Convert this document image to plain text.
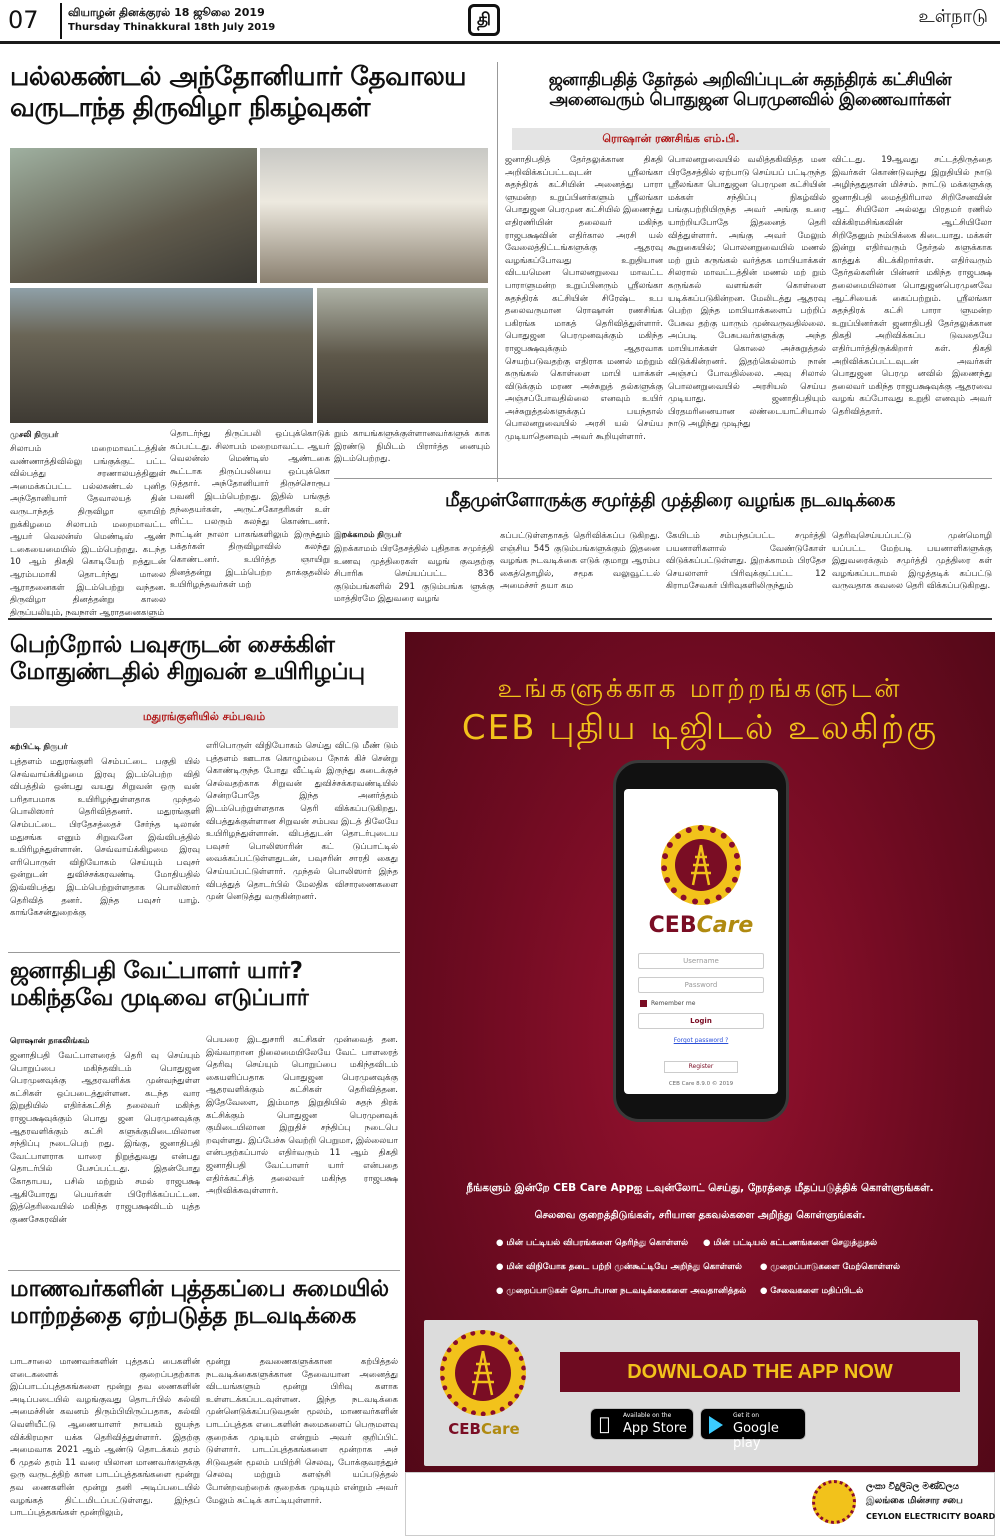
07	வியாழன் தினக்குரல் 18 ஜூலை 2019
Thursday Thinakkural 18th July 2019	தி	உள்நாடு
பல்லகண்டல் அந்தோனியார் தேவாலய
வருடாந்த திருவிழா நிகழ்வுகள்
முசலி நிருபர்
சிலாபம் மறைமாவட்டத்தின் வண்ணாத்திவில்லு பங்குக்குட் பட்ட வில்பத்து சரணாலயத்தினுள் அமைக்கப்பட்ட பல்லகண்டல் புனித அந்தோனியார் தேவாலயத் தின் வருடாந்தத் திருவிழா ஞாயிற் றுக்கிழமை சிலாபம் மறைமாவட்ட ஆயர் வெலன்ஸ் மெண்டிஸ் ஆண் டகையைமையில் இடம்பெற்றது. கடந்த 10 ஆம் திகதி கொடியேற் றத்துடன் ஆரம்பமாகி தொடர்ந்து மாலை ஆராதனைகள் இடம்பெற்று வந்தன. திருவிழா தினத்தன்று காலை திருப்பலியும், நவநாள் ஆராதனைகளும்
தொடர்ந்து திருப்பலி ஒப்புக்கொடுக் கப்பட்டது. சிலாபம் மறைமாவட்ட ஆயர் வெலன்ஸ் மெண்டிஸ் ஆண்டகை கூட்டாக திருப்பலியை ஒப்புக்கொ டுத்தார். அந்தோனியார் திருச்சொரூப பவனி இடம்பெற்றது. இதில் பங்குத் தந்தையர்கள், அருட்சகோதரிகள் உள் ளிட்ட பலரும் கலந்து கொண்டனர். நாட்டின் நாலா பாகங்களிலும் இருந்தும் பக்தர்கள் திருவிழாவில் கலந்து கொண்டனர். உயிர்த்த ஞாயிறு தினத்தன்று இடம்பெற்ற தாக்குதலில் உயிரிழந்தவர்கள் மற்
றும் காயங்களுக்குள்ளானவர்களுக் காக இரண்டு நிமிடம் பிரார்த்த னையும் இடம்பெற்றது.
ஜனாதிபதித் தேர்தல் அறிவிப்புடன் சுதந்திரக் கட்சியின்
அனைவரும் பொதுஜன பெரமுனவில் இணைவார்கள்
ரொஷான் ரணசிங்க எம்.பி.
ஜனாதிபதித் தேர்தலுக்கான திகதி அறிவிக்கப்பட்டவுடன் ஸ்ரீலங்கா சுதந்திரக் கட்சியின் அனைத்து பாரா ளுமன்ற உறுப்பினர்களும் ஸ்ரீலங்கா பொதுஜன பெரமுன கட்சியில் இணைந்து எதிரணியின் தலைவர் மகிந்த ராஜபக்ஷவின் எதிர்கால அரசி யல் வேலைத்திட்டங்களுக்கு ஆதரவு வழங்கப்போவது உறுதியான விடயமென பொலனறுவை மாவட்ட பாராளுமன்ற உறுப்பினரும் ஸ்ரீலங்கா சுதந்திரக் கட்சியின் சிரேஷ்ட உப தலைவருமான ரொஷான் ரணசிங்க பகிரங்க மாகத் தெரிவித்துள்ளார். பொதுஜன பெரமுனவுக்கும் மகிந்த ராஜபக்ஷவுக்கும் ஆதரவாக செயற்படுவதற்கு எதிராக மணல் மற்றும் கருங்கல் கொள்ளை மாபி யாக்கள் விடுக்கும் மரண அச்சுறுத் தல்களுக்கு அஞ்சப்போவதில்லை எனவும் உயிர் அச்சுறுத்தல்களுக்குப் பயந்தால் பொலனறுவையில் அரசி யல் செய்ய முடியாதெனவும் அவர் கூறியுள்ளார்.
பொலனறுவையில் வலித்தகிவித்த மன பிரதேசத்தில் ஏற்பாடு செய்யப் பட்டிருந்த ஸ்ரீலங்கா பொதுஜன பெரமுன கட்சியின் மக்கள் சந்திப்பு நிகழ்வில் பங்குபற்றியிருந்த அவர் அங்கு உரை யாற்றியபோதே இதனைத் தெரி வித்துள்ளார். அங்கு அவர் மேலும் கூறுகையில்; பொலனறுவையில் மணல் மற் றும் கருங்கல் வர்த்தக மாபியாக்கள் சிலரால் மாவட்டத்தின் மணல் மற் றும் கருங்கல் வளங்கள் கொள்ளை யடிக்கப்படுகின்றன. மேலிடத்து ஆதரவு பெற்ற இந்த மாபியாக்களைப் பற்றிப் பேசுவ தற்கு யாரும் முன்வருவதில்லை. அப்படி பேசுபவர்களுக்கு அந்த மாபியாக்கள் கொலை அச்சுறுத்தல் விடுக்கின்றனர். இதற்கெல்லாம் நான் அஞ்சப் போவதில்லை. அவு சிலால் பொலனறுவையில் அரசியல் செய்ய முடியாது. ஜனாதிபதியும் பிரதமரினையான லண்டையாட்சியால் நாடு அழிந்து முடிந்து
விட்டது. 19ஆவது சட்டத்திருத்தை இவர்கள் கொண்டுவந்து இறுதியில் நாடு அழிந்ததுதான் மிச்சம். நாட்டு மக்களுக்கு ஜனாதிபதி மைத்திரிபால சிறிசேனவின் ஆட் சியிலோ அல்லது பிரதமர் ரணில் விக்கிரமசிங்கவின் ஆட்சியிலோ சிறிதேனும் நம்பிக்கை கிடையாது. மக்கள் இன்று எதிர்வரும் தேர்தல் களுக்காக காத்துக் கிடக்கிறார்கள். எதிர்வரும் தேர்தல்களின் பின்னர் மகிந்த ராஜபக்ஷ தலைமையிலான பொதுஜனபெரமுனவே ஆட்சியைக் கைப்பற்றும். ஸ்ரீலங்கா சுதந்திரக் கட்சி பாரா ளுமன்ற உறுப்பினர்கள் ஜனாதிபதி தேர்தலுக்கான திகதி அறிவிக்கப்ப டுவதையே எதிர்பார்த்திருக்கிறார் கள். திகதி அறிவிக்கப்பட்டவுடன் அவர்கள் பொதுஜன பெரமு னவில் இணைந்து தலைவர் மகிந்த ராஜபக்ஷவுக்கு ஆதரவை வழங் கப்போவது உறுதி எனவும் அவர் தெரிவித்தார்.
மீதமுள்ளோருக்கு சமுர்த்தி முத்திரை வழங்க நடவடிக்கை
இறக்காமம் நிருபர்
இறக்காமம் பிரதேசத்தில் புதிதாக சமுர்த்தி உணவு முத்திரைகள் வழங் குவதற்கு சிபாரிசு செய்யப்பட்ட 836 குடும்பங்களில் 291 குடும்பங்க ளுக்கு மாத்திரமே இதுவரை வழங்
கப்பட்டுள்ளதாகத் தெரிவிக்கப்ப டுகிறது. எஞ்சிய 545 குடும்பங்களுக்கும் இதனை வழங்க நடவடிக்கை எடுக் குமாறு ஆரம்ப கைத்தொழில், சமூக வலுவூட்டல் அமைச்சர் தயா கம
கேயிடம் சம்பந்தப்பட்ட சமுர்த்தி பயனாளிகளால் வேண்டுகோள் விடுக்கப்பட்டுள்ளது. இறக்காமம் பிரதேச செயலாளர் பிரிவுக்குட்பட்ட 12 கிராமசேவகர் பிரிவுகளிலிருந்தும்
தெரிவுசெய்யப்பட்டு முன்மொழி யப்பட்ட மேற்படி பயனாளிகளுக்கு இதுவரைக்கும் சமுர்த்தி முத்திரை கள் வழங்கப்படாமல் இழுத்தடிக் கப்பட்டு வருவதாக கவலை தெரி விக்கப்படுகிறது.
பெற்றோல் பவுசருடன் சைக்கிள்
மோதுண்டதில் சிறுவன் உயிரிழப்பு
மதுரங்குளியில் சம்பவம்
கற்பிட்டி நிருபர்
புத்தளம் மதுரங்குளி செம்பட்டை பகுதி யில் செவ்வாய்க்கிழமை இரவு இடம்பெற்ற விதி விபத்தில் ஒன்பது வயது சிறுவன் ஒரு வன் பரிதாபமாக உயிரிழந்துள்ளதாக முந்தல் பொலிஸார் தெரிவித்தனர். மதுரங்குளி செம்பட்டை பிரதேசத்தைச் சேர்ந்த டிலான் மதுசங்க எனும் சிறுவனே இவ்விபத்தில் உயிரிழந்துள்ளான். செவ்வாய்க்கிழமை இரவு எரிபொருள் விநியோகம் செய்யும் பவுசர் ஒன்றுடன் துவிச்சக்கரவண்டி மோதியதில் இவ்விபத்து இடம்பெற்றுள்ளதாக பொலிஸார் தெரிவித் தனர். இந்த பவுசர் யாழ். காங்கேசன்துறைக்கு
எரிபொருள் விநியோகம் செய்து விட்டு மீண் டும் புத்தளம் ஊடாக கொழும்பை நோக் கிச் சென்று கொண்டிருந்த போது வீட்டில் இருந்து கடைக்குச் செல்வதற்காக சிறுவன் துவிச்சக்கரவண்டியில் சென்றபோதே இந்த அனர்த்தம் இடம்பெற்றுள்ளதாக தெரி விக்கப்படுகிறது. விபத்துக்குள்ளான சிறுவன் சம்பவ இடத் திலேயே உயிரிழந்துள்ளான். விபத்துடன் தொடர்புடைய பவுசர் பொலிஸாரின் கட் டுப்பாட்டில் வைக்கப்பட்டுள்ளதுடன், பவுசரின் சாரதி கைது செய்யப்பட்டுள்ளார். முந்தல் பொலிஸார் இந்த விபத்துத் தொடர்பில் மேலதிக விசாரணைகளை முன் னெடுத்து வருகின்றனர்.
ஜனாதிபதி வேட்பாளர் யார்?
மகிந்தவே முடிவை எடுப்பார்
ரொஷான் நாகலிங்கம்
ஜனாதிபதி வேட்பாளரைத் தெரி வு செய்யும் பொறுப்பை மகிந்தவிடம் பொதுஜன பெரமுனவுக்கு ஆதரவளிக்க முன்வந்துள்ள கட்சிகள் ஒப்படைத்துள்ளன. கடந்த வார இறுதியில் எதிர்க்கட்சித் தலைவர் மகிந்த ராஜபக்ஷவுக்கும் பொது ஜன பெரமுனவுக்கு ஆதரவளிக்கும் கட்சி களுக்குமிடையிலான சந்திப்பு நடைபெற் றது. இங்கு, ஜனாதிபதி வேட்பாளராக யாரை நிறுத்துவது என்பது தொடர்பில் பேசப்பட்டது. இதன்போது கோதாபய, பசில் மற்றும் சமல் ராஜபக்ஷ ஆகியோரது பெயர்கள் பிரேரிக்கப்பட்டன. இத்தெரிவையில் மகிந்த ராஜபக்ஷவிடம் யுத்த குணசேகரவின்
பெயரை இடதுசாரி கட்சிகள் முன்வைத் தன. இவ்வாறான நிலைமையிலேயே வேட் பாளரைத் தெரிவு செய்யும் பொறுப்பை மகிந்தவிடம் கையளிப்பதாக பொதுஜன பெரமுனவுக்கு ஆதரவளிக்கும் கட்சிகள் தெரிவித்தன. இதேவேளை, இம்மாத இறுதியில் சுதந் திரக் கட்சிக்கும் பொதுஜன பெரமுனவுக் குமிடையிலான இறுதிச் சந்திப்பு நடைபெ றவுள்ளது. இப்பேச்சு வெற்றி பெறுமா, இல்லையா என்பதற்கப்பால் எதிர்வரும் 11 ஆம் திகதி ஜனாதிபதி வேட்பாளர் யார் என்பதை எதிர்க்கட்சித் தலைவர் மகிந்த ராஜபக்ஷ அறிவிக்கவுள்ளார்.
மாணவர்களின் புத்தகப்பை சுமையில்
மாற்றத்தை ஏற்படுத்த நடவடிக்கை
பாடசாலை மாணவர்களின் புத்தகப் பைகளின் எடைகளைக் குறைப்பதற்காக இப்பாடப்புத்தகங்களை மூன்று தவ ணைகளின் அடிப்படையில் வழங்குவது தொடர்பில் கல்வி அமைச்சின் கவனம் திரும்பியிருப்பதாக, கல்வி வெளியீட்டு ஆணையாளர் நாயகம் ஜயந்த விக்கிரமநா யக்க தெரிவித்துள்ளார். இதற்கு அமைவாக 2021 ஆம் ஆண்டு தொடக்கம் தரம் 6 முதல் தரம் 11 வரை யிலான மாணவர்களுக்கு ஒரு வருடத்திற் கான பாடப்புத்தகங்களை மூன்று தவ ணைகளின் மூன்று தனி அடிப்படையில் வழங்கத் திட்டமிடப்பட்டுள்ளது. இந்தப் பாடப்புத்தகங்கள் மூன்றிலும்,
மூன்று தவணைகளுக்கான கற்பித்தல் நடவடிக்கைகளுக்கான தேவையான அனைத்து விடயங்களும் மூன்று பிரிவு களாக உள்ளடக்கப்படவுள்ளன. இந்த நடவடிக்கை முன்னெடுக்கப்படுவதன் மூலம், மாணவர்களின் பாடப்புத்தக எடைகளின் சுமைகளைப் பெருமளவு குறைக்க முடியும் என்றும் அவர் குறிப்பிட் டுள்ளார். பாடப்புத்தகங்களை மூன்றாக அச் சிடுவதன் மூலம் பயிற்சி செலவு, போக்குவரத்துச் செலவு மற்றும் களஞ்சி யப்படுத்தல் போன்றவற்றைக் குறைக்க முடியும் என்றும் அவர் மேலும் சுட்டிக் காட்டியுள்ளார்.
உங்களுக்காக மாற்றங்களுடன்
CEB புதிய டிஜிடல் உலகிற்கு
CEBCare
Username
Password
Remember me
Login
Forgot password ?
Register
CEB Care 8.9.0 © 2019
நீங்களும் இன்றே CEB Care Appஐ டவுன்லோட் செய்து, நேரத்தை மீதப்படுத்திக் கொள்ளுங்கள்.
செலவை குறைத்திடுங்கள், சரியான தகவல்களை அறிந்து கொள்ளுங்கள்.
● மின் பட்டியல் விபரங்களை தெரிந்து கொள்ளல் ● மின் பட்டியல் கட்டணங்களை செலுத்துதல்
● மின் விநியோக தடை பற்றி முன்கூட்டியே அறிந்து கொள்ளல் ● முறைப்பாடுகளை மேற்கொள்ளல்
● முறைப்பாடுகள் தொடர்பான நடவடிக்கைகளை அவதானித்தல் ● சேவைகளை மதிப்பிடல்
CEBCare
DOWNLOAD THE APP NOW
Available on the
App Store
Get it on
Google play
ලංකා විදුලිබල මණ්ඩලය
இலங்கை மின்சார சபை
CEYLON ELECTRICITY BOARD
